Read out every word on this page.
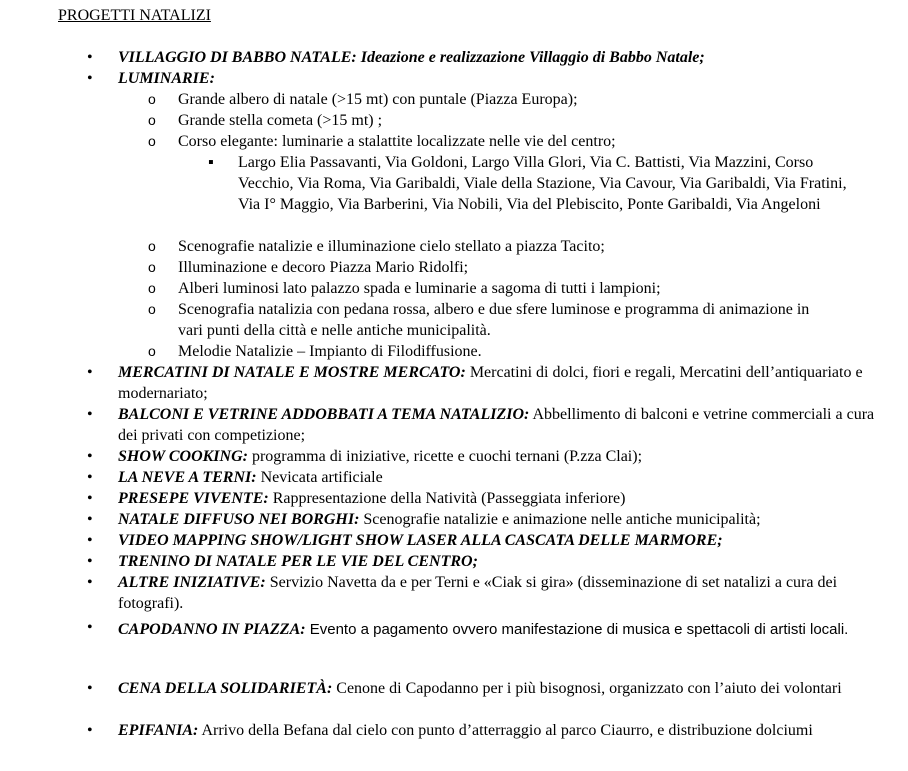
PROGETTI NATALIZI
• VILLAGGIO DI BABBO NATALE: Ideazione e realizzazione Villaggio di Babbo Natale;
• LUMINARIE:
o Grande albero di natale (>15 mt) con puntale (Piazza Europa);
o Grande stella cometa (>15 mt) ;
o Corso elegante: luminarie a stalattite localizzate nelle vie del centro;
▪ Largo Elia Passavanti, Via Goldoni, Largo Villa Glori, Via C. Battisti, Via Mazzini, Corso Vecchio, Via Roma, Via Garibaldi, Viale della Stazione, Via Cavour, Via Garibaldi, Via Fratini, Via I° Maggio, Via Barberini, Via Nobili, Via del Plebiscito, Ponte Garibaldi, Via Angeloni
o Scenografie natalizie e illuminazione cielo stellato a piazza Tacito;
o Illuminazione e decoro Piazza Mario Ridolfi;
o Alberi luminosi lato palazzo spada e luminarie a sagoma di tutti i lampioni;
o Scenografia natalizia con pedana rossa, albero e due sfere luminose e programma di animazione in vari punti della città e nelle antiche municipalità.
o Melodie Natalizie – Impianto di Filodiffusione.
• MERCATINI DI NATALE E MOSTRE MERCATO: Mercatini di dolci, fiori e regali, Mercatini dell’antiquariato e modernariato;
• BALCONI E VETRINE ADDOBBATI A TEMA NATALIZIO: Abbellimento di balconi e vetrine commerciali a cura dei privati con competizione;
• SHOW COOKING: programma di iniziative, ricette e cuochi ternani (P.zza Clai);
• LA NEVE A TERNI: Nevicata artificiale
• PRESEPE VIVENTE: Rappresentazione della Natività (Passeggiata inferiore)
• NATALE DIFFUSO NEI BORGHI: Scenografie natalizie e animazione nelle antiche municipalità;
• VIDEO MAPPING SHOW/LIGHT SHOW LASER ALLA CASCATA DELLE MARMORE;
• TRENINO DI NATALE PER LE VIE DEL CENTRO;
• ALTRE INIZIATIVE: Servizio Navetta da e per Terni e «Ciak si gira» (disseminazione di set natalizi a cura dei fotografi).
• CAPODANNO IN PIAZZA: Evento a pagamento ovvero manifestazione di musica e spettacoli di artisti locali.
• CENA DELLA SOLIDARIETÀ: Cenone di Capodanno per i più bisognosi, organizzato con l’aiuto dei volontari
• EPIFANIA: Arrivo della Befana dal cielo con punto d’atterraggio al parco Ciaurro, e distribuzione dolciumi
